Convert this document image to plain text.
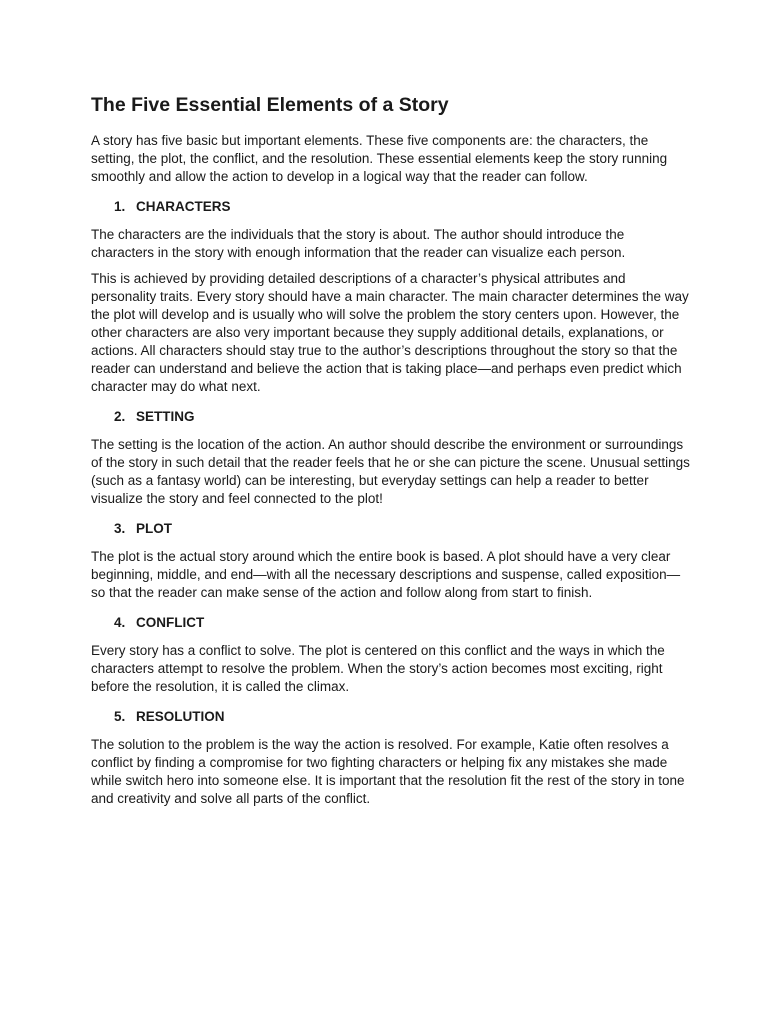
The Five Essential Elements of a Story

A story has five basic but important elements. These five components are: the characters, the setting, the plot, the conflict, and the resolution. These essential elements keep the story running smoothly and allow the action to develop in a logical way that the reader can follow.

1. CHARACTERS

The characters are the individuals that the story is about. The author should introduce the characters in the story with enough information that the reader can visualize each person.

This is achieved by providing detailed descriptions of a character’s physical attributes and personality traits. Every story should have a main character. The main character determines the way the plot will develop and is usually who will solve the problem the story centers upon. However, the other characters are also very important because they supply additional details, explanations, or actions. All characters should stay true to the author’s descriptions throughout the story so that the reader can understand and believe the action that is taking place—and perhaps even predict which character may do what next.

2. SETTING

The setting is the location of the action. An author should describe the environment or surroundings of the story in such detail that the reader feels that he or she can picture the scene. Unusual settings (such as a fantasy world) can be interesting, but everyday settings can help a reader to better visualize the story and feel connected to the plot!

3. PLOT

The plot is the actual story around which the entire book is based. A plot should have a very clear beginning, middle, and end—with all the necessary descriptions and suspense, called exposition—so that the reader can make sense of the action and follow along from start to finish.

4. CONFLICT

Every story has a conflict to solve. The plot is centered on this conflict and the ways in which the characters attempt to resolve the problem. When the story’s action becomes most exciting, right before the resolution, it is called the climax.

5. RESOLUTION

The solution to the problem is the way the action is resolved. For example, Katie often resolves a conflict by finding a compromise for two fighting characters or helping fix any mistakes she made while switch hero into someone else. It is important that the resolution fit the rest of the story in tone and creativity and solve all parts of the conflict.
